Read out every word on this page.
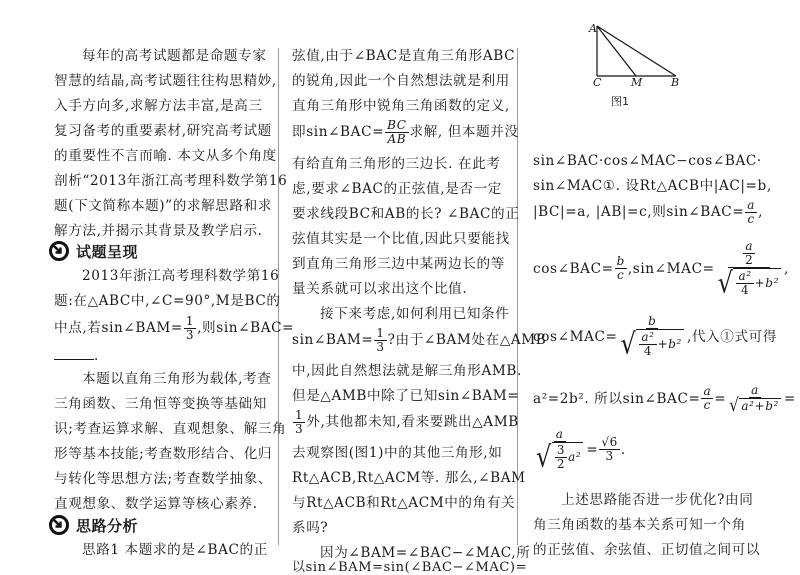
每年的高考试题都是命题专家
智慧的结晶,高考试题往往构思精妙,
入手方向多,求解方法丰富,是高三
复习备考的重要素材,研究高考试题
的重要性不言而喻. 本文从多个角度
剖析“2013年浙江高考理科数学第16
题(下文简称本题)”的求解思路和求
解方法,并揭示其背景及教学启示.
试题呈现
2013年浙江高考理科数学第16
题:在△ABC中,∠C=90°,M是BC的
中点,若sin∠BAM= $\frac{1}{3}$ ,则sin∠BAC=
.
本题以直角三角形为载体,考查
三角函数、三角恒等变换等基础知
识;考查运算求解、直观想象、解三角
形等基本技能;考查数形结合、化归
与转化等思想方法;考查数学抽象、
直观想象、数学运算等核心素养.
思路分析
思路1 本题求的是∠BAC的正
弦值,由于∠BAC是直角三角形ABC
的锐角,因此一个自然想法就是利用
直角三角形中锐角三角函数的定义,
即sin∠BAC= $\frac{BC}{AB}$ 求解, 但本题并没
有给直角三角形的三边长. 在此考
虑,要求∠BAC的正弦值,是否一定
要求线段BC和AB的长? ∠BAC的正
弦值其实是一个比值,因此只要能找
到直角三角形三边中某两边长的等
量关系就可以求出这个比值.
接下来考虑,如何利用已知条件
sin∠BAM= $\frac{1}{3}$ ?由于∠BAM处在△AMB
中,因此自然想法就是解三角形AMB.
但是△AMB中除了已知sin∠BAM=
$\frac{1}{3}$ 外,其他都未知,看来要跳出△AMB
去观察图(图1)中的其他三角形,如
Rt△ACB,Rt△ACM等. 那么,∠BAM
与Rt△ACB和Rt△ACM中的角有关
系吗?
因为∠BAM=∠BAC−∠MAC,所
以sin∠BAM=sin(∠BAC−∠MAC)=
A
C	M	B
图1
sin∠BAC·cos∠MAC−cos∠BAC·
sin∠MAC①. 设Rt△ACB中|AC|=b,
|BC|=a, |AB|=c,则sin∠BAC= $\frac{a}{c}$ ,
cos∠BAC= $\frac{b}{c}$ ,sin∠MAC= $\frac{\frac{a}{2}}{√ \frac{\text{a²}}{4} +b^2}$ ,
cos∠MAC= $\frac{b}{√ \frac{\text{a²}}{4} +b^2}$ ,代入①式可得
a²=2b². 所以sin∠BAC= $\frac{a}{c} = \frac{a}{\text{√ a²+b²}}$ =
$\frac{a}{√ \frac{3}{2} a^2} = \frac{√6}{3}$ .
上述思路能否进一步优化?由同
角三角函数的基本关系可知一个角
的正弦值、余弦值、正切值之间可以
